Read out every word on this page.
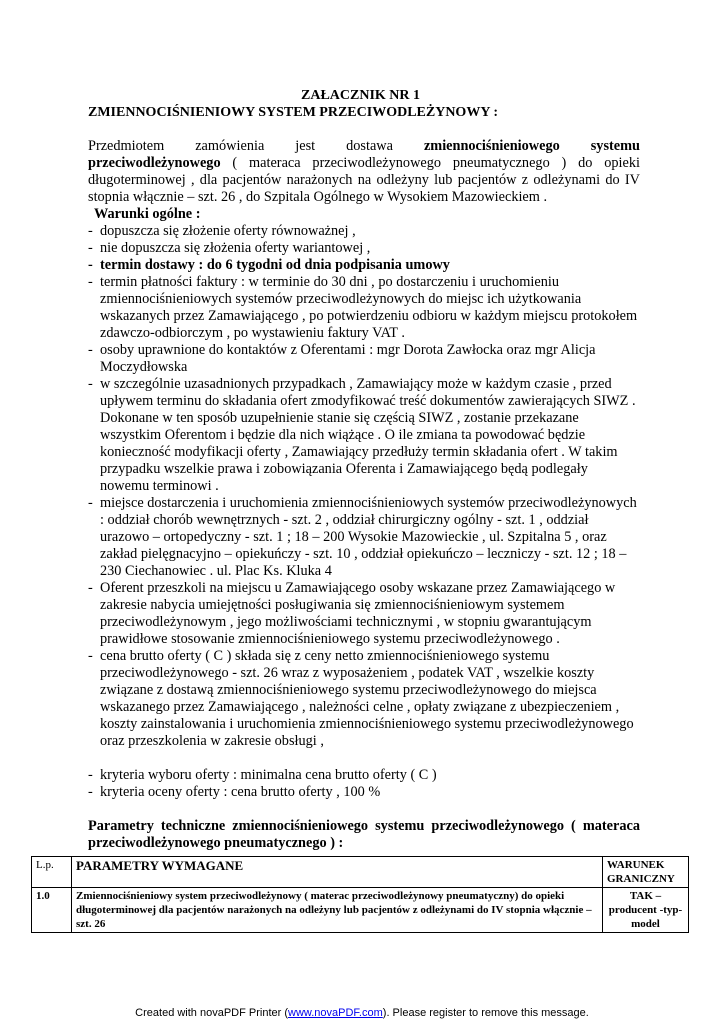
ZAŁACZNIK NR 1
ZMIENNOCIŚNIENIOWY SYSTEM PRZECIWODLEŻYNOWY :
Przedmiotem zamówienia jest dostawa zmiennociśnieniowego systemu
przeciwodleżynowego ( materaca przeciwodleżynowego pneumatycznego ) do opieki długoterminowej , dla pacjentów narażonych na odleżyny lub pacjentów z odleżynami do IV stopnia włącznie – szt. 26 , do Szpitala Ogólnego w Wysokiem Mazowieckiem .
Warunki ogólne :
- dopuszcza się złożenie oferty równoważnej ,
- nie dopuszcza się złożenia oferty wariantowej ,
- termin dostawy : do 6 tygodni od dnia podpisania umowy
- termin płatności faktury : w terminie do 30 dni , po dostarczeniu i uruchomieniu zmiennociśnieniowych systemów przeciwodleżynowych do miejsc ich użytkowania wskazanych przez Zamawiającego , po potwierdzeniu odbioru w każdym miejscu protokołem zdawczo-odbiorczym , po wystawieniu faktury VAT .
- osoby uprawnione do kontaktów z Oferentami : mgr Dorota Zawłocka oraz mgr Alicja Moczydłowska
- w szczególnie uzasadnionych przypadkach , Zamawiający może w każdym czasie , przed upływem terminu do składania ofert zmodyfikować treść dokumentów zawierających SIWZ . Dokonane w ten sposób uzupełnienie stanie się częścią SIWZ , zostanie przekazane wszystkim Oferentom i będzie dla nich wiążące . O ile zmiana ta powodować będzie konieczność modyfikacji oferty , Zamawiający przedłuży termin składania ofert . W takim przypadku wszelkie prawa i zobowiązania Oferenta i Zamawiającego będą podlegały nowemu terminowi .
- miejsce dostarczenia i uruchomienia zmiennociśnieniowych systemów przeciwodleżynowych : oddział chorób wewnętrznych - szt. 2 , oddział chirurgiczny ogólny - szt. 1 , oddział urazowo – ortopedyczny - szt. 1 ; 18 – 200 Wysokie Mazowieckie , ul. Szpitalna 5 , oraz zakład pielęgnacyjno – opiekuńczy - szt. 10 , oddział opiekuńczo – leczniczy - szt. 12 ; 18 – 230 Ciechanowiec . ul. Plac Ks. Kluka 4
- Oferent przeszkoli na miejscu u Zamawiającego osoby wskazane przez Zamawiającego w zakresie nabycia umiejętności posługiwania się zmiennociśnieniowym systemem przeciwodleżynowym , jego możliwościami technicznymi , w stopniu gwarantującym prawidłowe stosowanie zmiennociśnieniowego systemu przeciwodleżynowego .
- cena brutto oferty ( C ) składa się z ceny netto zmiennociśnieniowego systemu przeciwodleżynowego - szt. 26 wraz z wyposażeniem , podatek VAT , wszelkie koszty związane z dostawą zmiennociśnieniowego systemu przeciwodleżynowego do miejsca wskazanego przez Zamawiającego , należności celne , opłaty związane z ubezpieczeniem , koszty zainstalowania i uruchomienia zmiennociśnieniowego systemu przeciwodleżynowego oraz przeszkolenia w zakresie obsługi ,
- kryteria wyboru oferty : minimalna cena brutto oferty ( C )
- kryteria oceny oferty : cena brutto oferty , 100 %
Parametry techniczne zmiennociśnieniowego systemu przeciwodleżynowego ( materaca przeciwodleżynowego pneumatycznego ) :
L.p.	PARAMETRY WYMAGANE	WARUNEK GRANICZNY
1.0	Zmiennociśnieniowy system przeciwodleżynowy ( materac przeciwodleżynowy pneumatyczny) do opieki długoterminowej dla pacjentów narażonych na odleżyny lub pacjentów z odleżynami do IV stopnia włącznie – szt. 26	TAK – producent -typ-model
Created with novaPDF Printer (www.novaPDF.com). Please register to remove this message.
